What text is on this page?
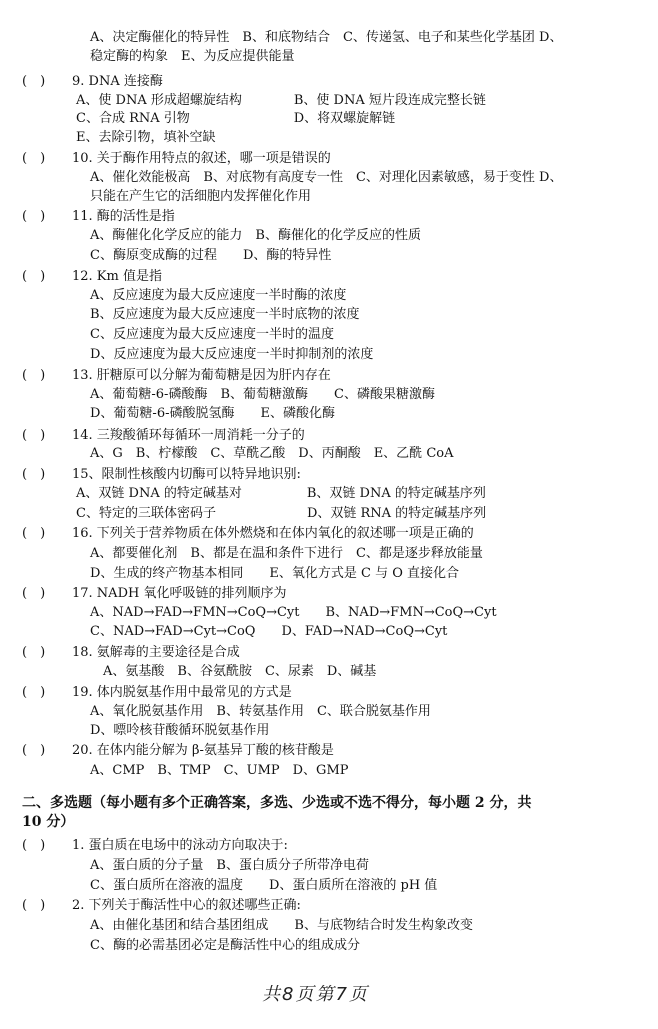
A、决定酶催化的特异性　B、和底物结合　C、传递氢、电子和某些化学基团 D、
稳定酶的构象　E、为反应提供能量
(　) 9. DNA 连接酶
A、使 DNA 形成超螺旋结构　　　　B、使 DNA 短片段连成完整长链
C、合成 RNA 引物　　　　　　　　D、将双螺旋解链
E、去除引物，填补空缺
(　) 10. 关于酶作用特点的叙述，哪一项是错误的
A、催化效能极高　B、对底物有高度专一性　C、对理化因素敏感，易于变性 D、
只能在产生它的活细胞内发挥催化作用
(　) 11. 酶的活性是指
A、酶催化化学反应的能力　B、酶催化的化学反应的性质
C、酶原变成酶的过程　　D、酶的特异性
(　) 12. Km 值是指
A、反应速度为最大反应速度一半时酶的浓度
B、反应速度为最大反应速度一半时底物的浓度
C、反应速度为最大反应速度一半时的温度
D、反应速度为最大反应速度一半时抑制剂的浓度
(　) 13. 肝糖原可以分解为葡萄糖是因为肝内存在
A、葡萄糖-6-磷酸酶　B、葡萄糖激酶　　C、磷酸果糖激酶
D、葡萄糖-6-磷酸脱氢酶　　E、磷酸化酶
(　) 14. 三羧酸循环每循环一周消耗一分子的
A、G　B、柠檬酸　C、草酰乙酸　D、丙酮酸　E、乙酰 CoA
(　) 15、限制性核酸内切酶可以特异地识别:
A、双链 DNA 的特定碱基对　　　　　B、双链 DNA 的特定碱基序列
C、特定的三联体密码子　　　　　　　D、双链 RNA 的特定碱基序列
(　) 16. 下列关于营养物质在体外燃烧和在体内氧化的叙述哪一项是正确的
A、都要催化剂　B、都是在温和条件下进行　C、都是逐步释放能量
D、生成的终产物基本相同　　E、氧化方式是 C 与 O 直接化合
(　) 17. NADH 氧化呼吸链的排列顺序为
A、NAD→FAD→FMN→CoQ→Cyt　　B、NAD→FMN→CoQ→Cyt
C、NAD→FAD→Cyt→CoQ　　D、FAD→NAD→CoQ→Cyt
(　) 18. 氨解毒的主要途径是合成
　A、氨基酸　B、谷氨酰胺　C、尿素　D、碱基
(　) 19. 体内脱氨基作用中最常见的方式是
A、氧化脱氨基作用　B、转氨基作用　C、联合脱氨基作用
D、嘌呤核苷酸循环脱氨基作用
(　) 20. 在体内能分解为 β-氨基异丁酸的核苷酸是
A、CMP　B、TMP　C、UMP　D、GMP
二、多选题（每小题有多个正确答案，多选、少选或不选不得分，每小题 2 分，共
10 分）
(　) 1. 蛋白质在电场中的泳动方向取决于:
A、蛋白质的分子量　B、蛋白质分子所带净电荷
C、蛋白质所在溶液的温度　　D、蛋白质所在溶液的 pH 值
(　) 2. 下列关于酶活性中心的叙述哪些正确:
A、由催化基团和结合基团组成　　B、与底物结合时发生构象改变
C、酶的必需基团必定是酶活性中心的组成成分
共8页第7页
